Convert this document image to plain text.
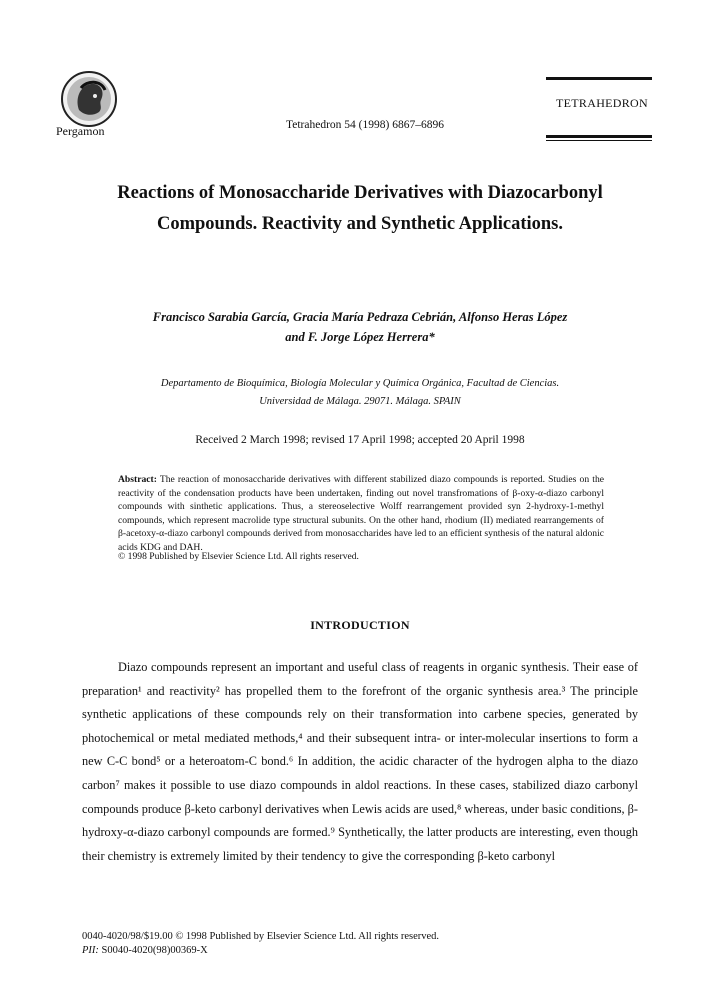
Pergamon	Tetrahedron 54 (1998) 6867–6896
TETRAHEDRON
Reactions of Monosaccharide Derivatives with Diazocarbonyl
Compounds. Reactivity and Synthetic Applications.
Francisco Sarabia García, Gracia María Pedraza Cebrián, Alfonso Heras López
and F. Jorge López Herrera*
Departamento de Bioquímica, Biología Molecular y Química Orgánica, Facultad de Ciencias.
Universidad de Málaga. 29071. Málaga. SPAIN
Received 2 March 1998; revised 17 April 1998; accepted 20 April 1998
Abstract: The reaction of monosaccharide derivatives with different stabilized diazo compounds is reported. Studies on the reactivity of the condensation products have been undertaken, finding out novel transfromations of β-oxy-α-diazo carbonyl compounds with sinthetic applications. Thus, a stereoselective Wolff rearrangement provided syn 2-hydroxy-1-methyl compounds, which represent macrolide type structural subunits. On the other hand, rhodium (II) mediated rearrangements of β-acetoxy-α-diazo carbonyl compounds derived from monosaccharides have led to an efficient synthesis of the natural aldonic acids KDG and DAH.
© 1998 Published by Elsevier Science Ltd. All rights reserved.
INTRODUCTION
Diazo compounds represent an important and useful class of reagents in organic synthesis. Their ease of preparation¹ and reactivity² has propelled them to the forefront of the organic synthesis area.³ The principle synthetic applications of these compounds rely on their transformation into carbene species, generated by photochemical or metal mediated methods,⁴ and their subsequent intra- or inter-molecular insertions to form a new C-C bond⁵ or a heteroatom-C bond.⁶ In addition, the acidic character of the hydrogen alpha to the diazo carbon⁷ makes it possible to use diazo compounds in aldol reactions. In these cases, stabilized diazo carbonyl compounds produce β-keto carbonyl derivatives when Lewis acids are used,⁸ whereas, under basic conditions, β-hydroxy-α-diazo carbonyl compounds are formed.⁹ Synthetically, the latter products are interesting, even though their chemistry is extremely limited by their tendency to give the corresponding β-keto carbonyl
0040-4020/98/$19.00 © 1998 Published by Elsevier Science Ltd. All rights reserved.
PII: S0040-4020(98)00369-X
